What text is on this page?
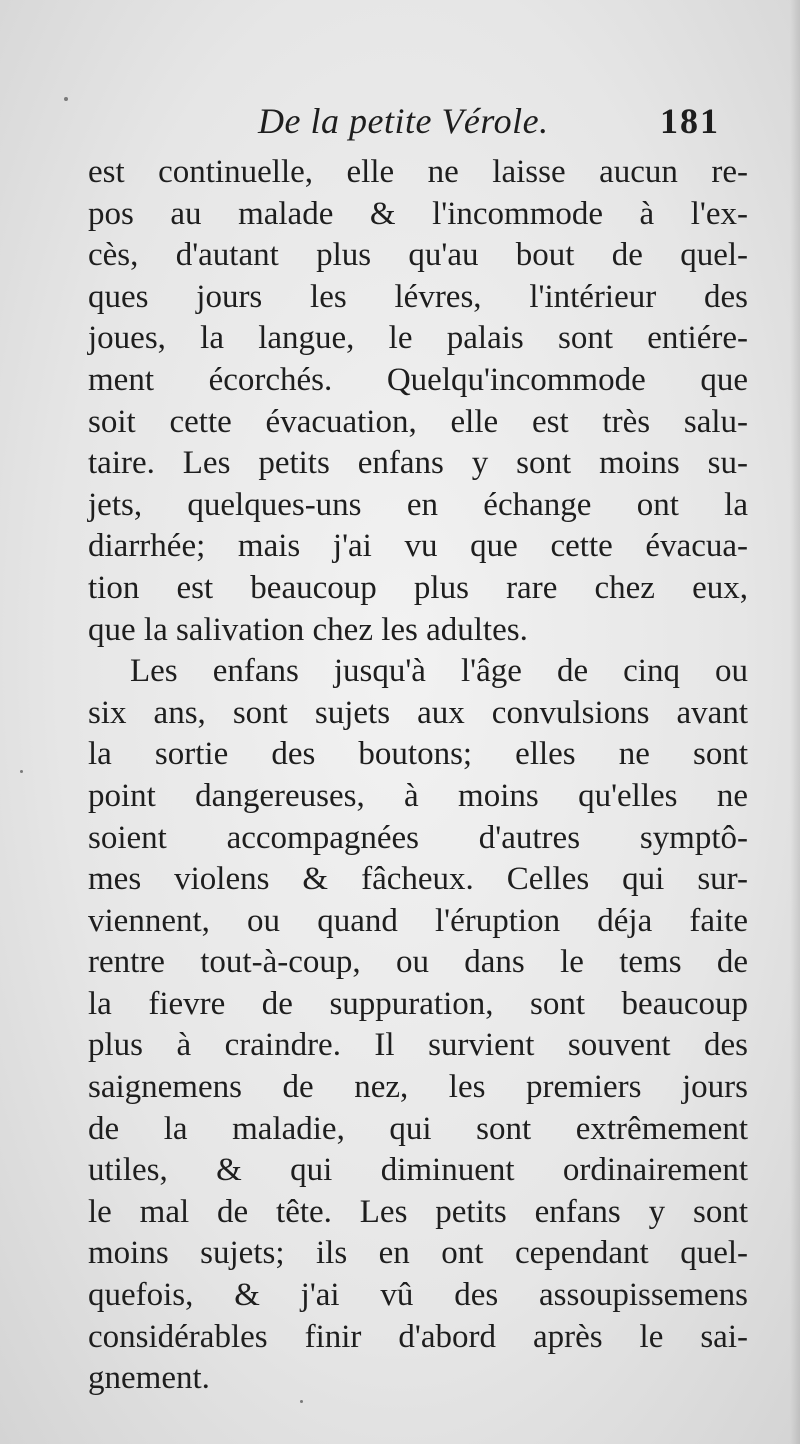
De la petite Vérole.	181
est continuelle, elle ne laisse aucun re-
pos au malade & l'incommode à l'ex-
cès, d'autant plus qu'au bout de quel-
ques jours les lévres, l'intérieur des
joues, la langue, le palais sont entiére-
ment écorchés. Quelqu'incommode que
soit cette évacuation, elle est très salu-
taire. Les petits enfans y sont moins su-
jets, quelques-uns en échange ont la
diarrhée; mais j'ai vu que cette évacua-
tion est beaucoup plus rare chez eux,
que la salivation chez les adultes.
Les enfans jusqu'à l'âge de cinq ou
six ans, sont sujets aux convulsions avant
la sortie des boutons; elles ne sont
point dangereuses, à moins qu'elles ne
soient accompagnées d'autres symptô-
mes violens & fâcheux. Celles qui sur-
viennent, ou quand l'éruption déja faite
rentre tout-à-coup, ou dans le tems de
la fievre de suppuration, sont beaucoup
plus à craindre. Il survient souvent des
saignemens de nez, les premiers jours
de la maladie, qui sont extrêmement
utiles, & qui diminuent ordinairement
le mal de tête. Les petits enfans y sont
moins sujets; ils en ont cependant quel-
quefois, & j'ai vû des assoupissemens
considérables finir d'abord après le sai-
gnement.
